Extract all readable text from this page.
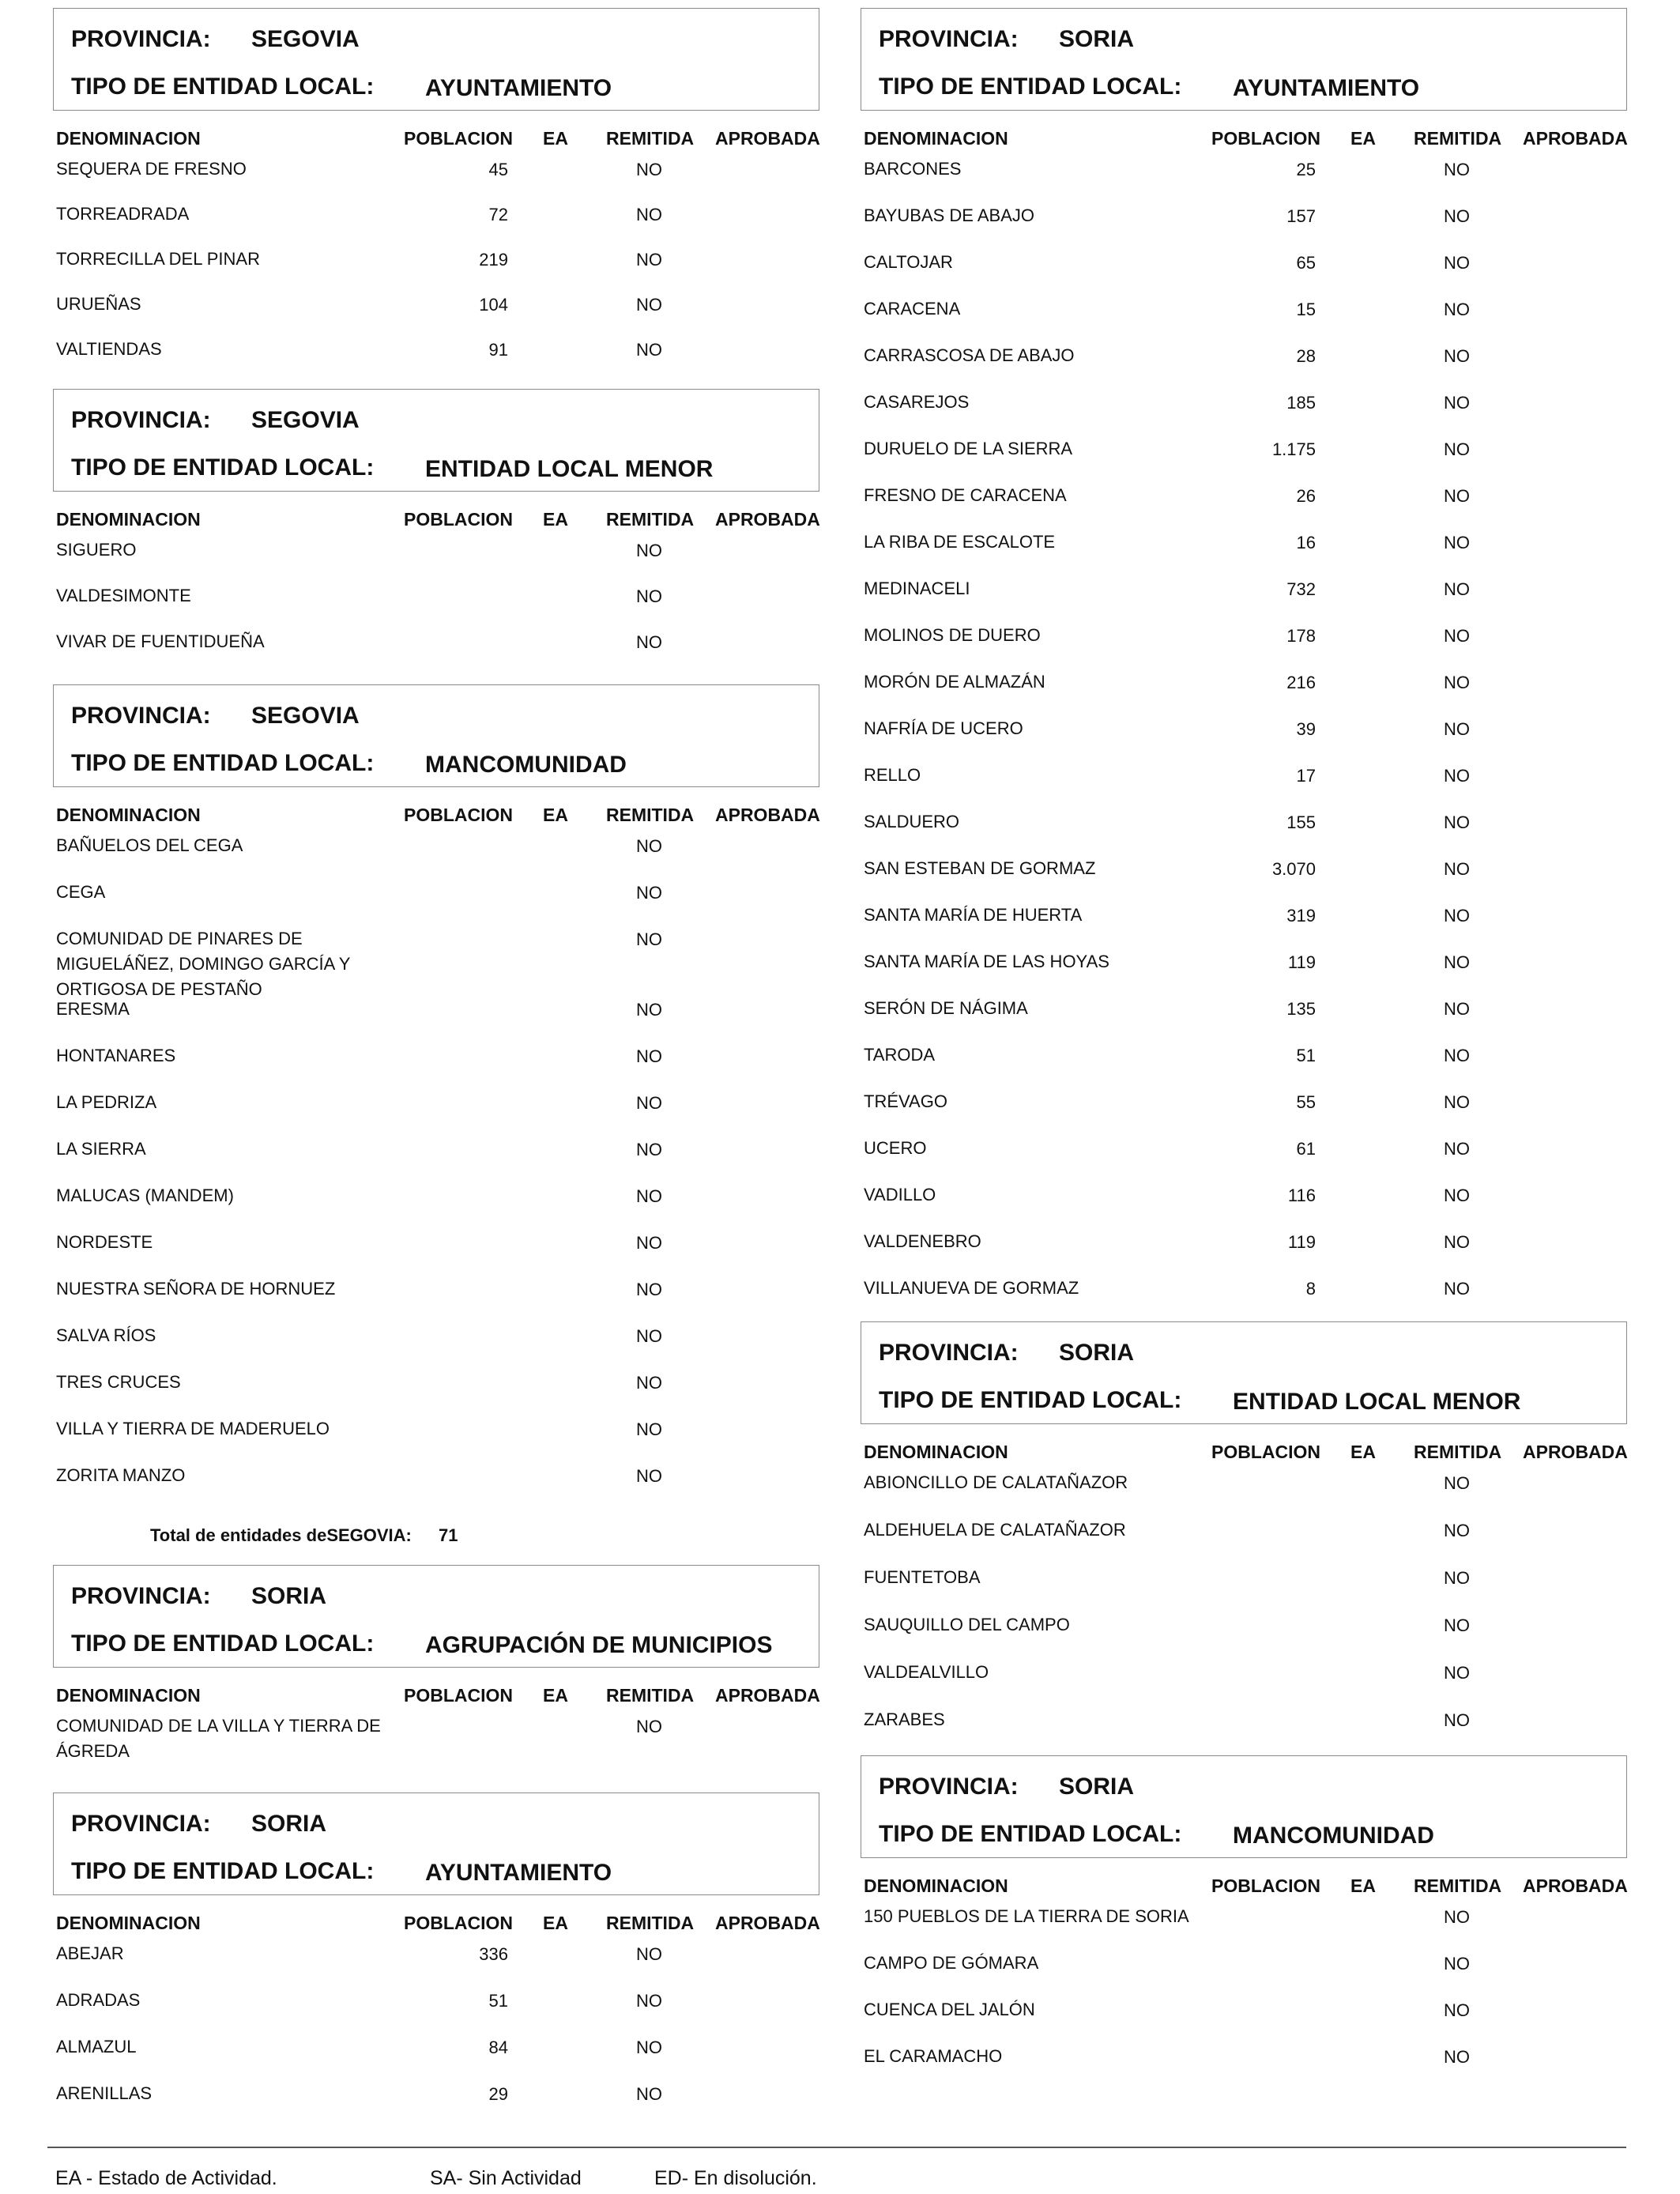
PROVINCIA: SEGOVIA
TIPO DE ENTIDAD LOCAL: AYUNTAMIENTO
DENOMINACION	POBLACION EA REMITIDA APROBADA
SEQUERA DE FRESNO	45	NO
TORREADRADA	72	NO
TORRECILLA DEL PINAR	219	NO
URUEÑAS	104	NO
VALTIENDAS	91	NO
PROVINCIA: SEGOVIA
TIPO DE ENTIDAD LOCAL: ENTIDAD LOCAL MENOR
DENOMINACION	POBLACION EA REMITIDA APROBADA
SIGUERO	NO
VALDESIMONTE	NO
VIVAR DE FUENTIDUEÑA	NO
PROVINCIA: SEGOVIA
TIPO DE ENTIDAD LOCAL: MANCOMUNIDAD
DENOMINACION	POBLACION EA REMITIDA APROBADA
BAÑUELOS DEL CEGA	NO
CEGA	NO
COMUNIDAD DE PINARES DE MIGUELÁÑEZ, DOMINGO GARCÍA Y ORTIGOSA DE PESTAÑO
NO
ERESMA	NO
HONTANARES	NO
LA PEDRIZA	NO
LA SIERRA	NO
MALUCAS (MANDEM)	NO
NORDESTE	NO
NUESTRA SEÑORA DE HORNUEZ	NO
SALVA RÍOS	NO
TRES CRUCES	NO
VILLA Y TIERRA DE MADERUELO	NO
ZORITA MANZO	NO
PROVINCIA: SORIA
TIPO DE ENTIDAD LOCAL: AGRUPACIÓN DE MUNICIPIOS
DENOMINACION	POBLACION EA REMITIDA APROBADA
COMUNIDAD DE LA VILLA Y TIERRA DE ÁGREDA
NO
PROVINCIA: SORIA
TIPO DE ENTIDAD LOCAL: AYUNTAMIENTO
DENOMINACION	POBLACION EA REMITIDA APROBADA
ABEJAR	336	NO
ADRADAS	51	NO
ALMAZUL	84	NO
ARENILLAS	29	NO
PROVINCIA: SORIA
TIPO DE ENTIDAD LOCAL: AYUNTAMIENTO
DENOMINACION	POBLACION EA REMITIDA APROBADA
BARCONES	25	NO
BAYUBAS DE ABAJO	157	NO
CALTOJAR	65	NO
CARACENA	15	NO
CARRASCOSA DE ABAJO	28	NO
CASAREJOS	185	NO
DURUELO DE LA SIERRA	1.175	NO
FRESNO DE CARACENA	26	NO
LA RIBA DE ESCALOTE	16	NO
MEDINACELI	732	NO
MOLINOS DE DUERO	178	NO
MORÓN DE ALMAZÁN	216	NO
NAFRÍA DE UCERO	39	NO
RELLO	17	NO
SALDUERO	155	NO
SAN ESTEBAN DE GORMAZ	3.070	NO
SANTA MARÍA DE HUERTA	319	NO
SANTA MARÍA DE LAS HOYAS	119	NO
SERÓN DE NÁGIMA	135	NO
TARODA	51	NO
TRÉVAGO	55	NO
UCERO	61	NO
VADILLO	116	NO
VALDENEBRO	119	NO
VILLANUEVA DE GORMAZ	8	NO
PROVINCIA: SORIA
TIPO DE ENTIDAD LOCAL: ENTIDAD LOCAL MENOR
DENOMINACION	POBLACION EA REMITIDA APROBADA
ABIONCILLO DE CALATAÑAZOR	NO
ALDEHUELA DE CALATAÑAZOR	NO
FUENTETOBA	NO
SAUQUILLO DEL CAMPO	NO
VALDEALVILLO	NO
ZARABES	NO
PROVINCIA: SORIA
TIPO DE ENTIDAD LOCAL: MANCOMUNIDAD
DENOMINACION	POBLACION EA REMITIDA APROBADA
150 PUEBLOS DE LA TIERRA DE SORIA	NO
CAMPO DE GÓMARA	NO
CUENCA DEL JALÓN	NO
EL CARAMACHO	NO
Total de entidades deSEGOVIA: 71
EA - Estado de Actividad.	SA- Sin Actividad	ED- En disolución.
